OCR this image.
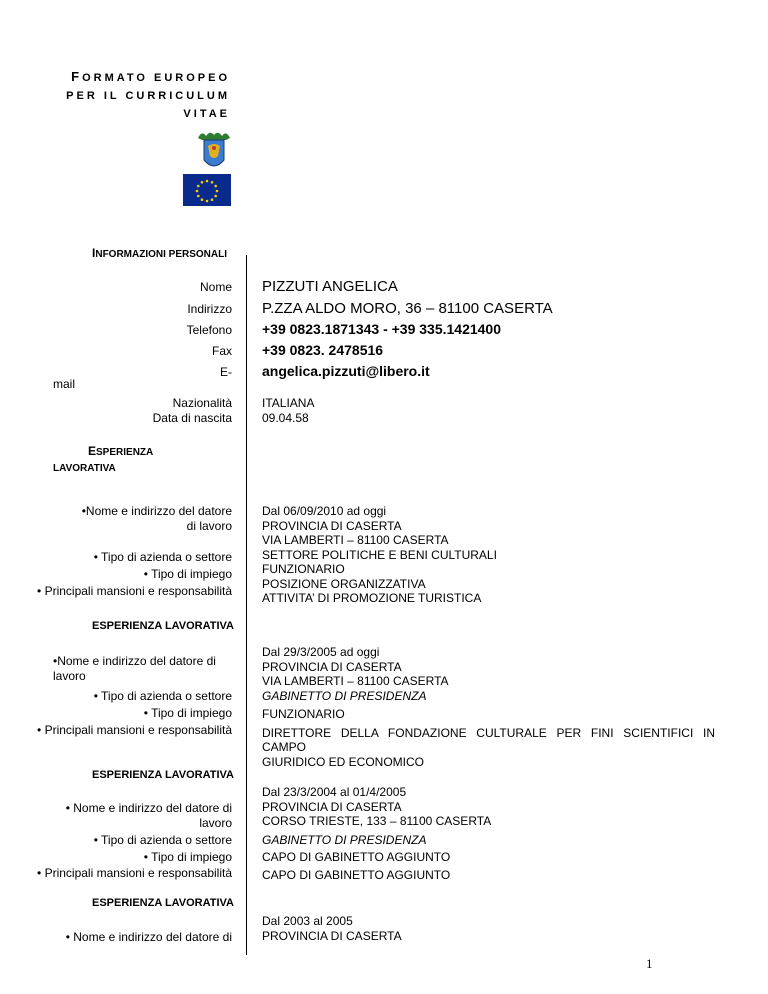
FORMATO EUROPEO
PER IL CURRICULUM
VITAE
INFORMAZIONI PERSONALI
Nome
Indirizzo
Telefono
Fax
E-
mail
Nazionalità
Data di nascita
PIZZUTI ANGELICA
P.ZZA ALDO MORO, 36 – 81100 CASERTA
+39 0823.1871343 - +39 335.1421400
+39 0823. 2478516
angelica.pizzuti@libero.it
ITALIANA
09.04.58
ESPERIENZA
LAVORATIVA
•Nome e indirizzo del datore di lavoro
• Tipo di azienda o settore
• Tipo di impiego
• Principali mansioni e responsabilità
Dal 06/09/2010 ad oggi
PROVINCIA DI CASERTA
VIA LAMBERTI – 81100 CASERTA
SETTORE POLITICHE E BENI CULTURALI
FUNZIONARIO
POSIZIONE ORGANIZZATIVA
ATTIVITA’ DI PROMOZIONE TURISTICA
ESPERIENZA LAVORATIVA
•Nome e indirizzo del datore di lavoro
• Tipo di azienda o settore
• Tipo di impiego
• Principali mansioni e responsabilità
Dal 29/3/2005 ad oggi
PROVINCIA DI CASERTA
VIA LAMBERTI – 81100 CASERTA
GABINETTO DI PRESIDENZA
FUNZIONARIO
DIRETTORE DELLA FONDAZIONE CULTURALE PER FINI SCIENTIFICI IN CAMPO
GIURIDICO ED ECONOMICO
ESPERIENZA LAVORATIVA
• Nome e indirizzo del datore di lavoro
• Tipo di azienda o settore
• Tipo di impiego
• Principali mansioni e responsabilità
Dal 23/3/2004 al 01/4/2005
PROVINCIA DI CASERTA
CORSO TRIESTE, 133 – 81100 CASERTA
GABINETTO DI PRESIDENZA
CAPO DI GABINETTO AGGIUNTO
CAPO DI GABINETTO AGGIUNTO
ESPERIENZA LAVORATIVA
• Nome e indirizzo del datore di
Dal 2003 al 2005
PROVINCIA DI CASERTA
1
